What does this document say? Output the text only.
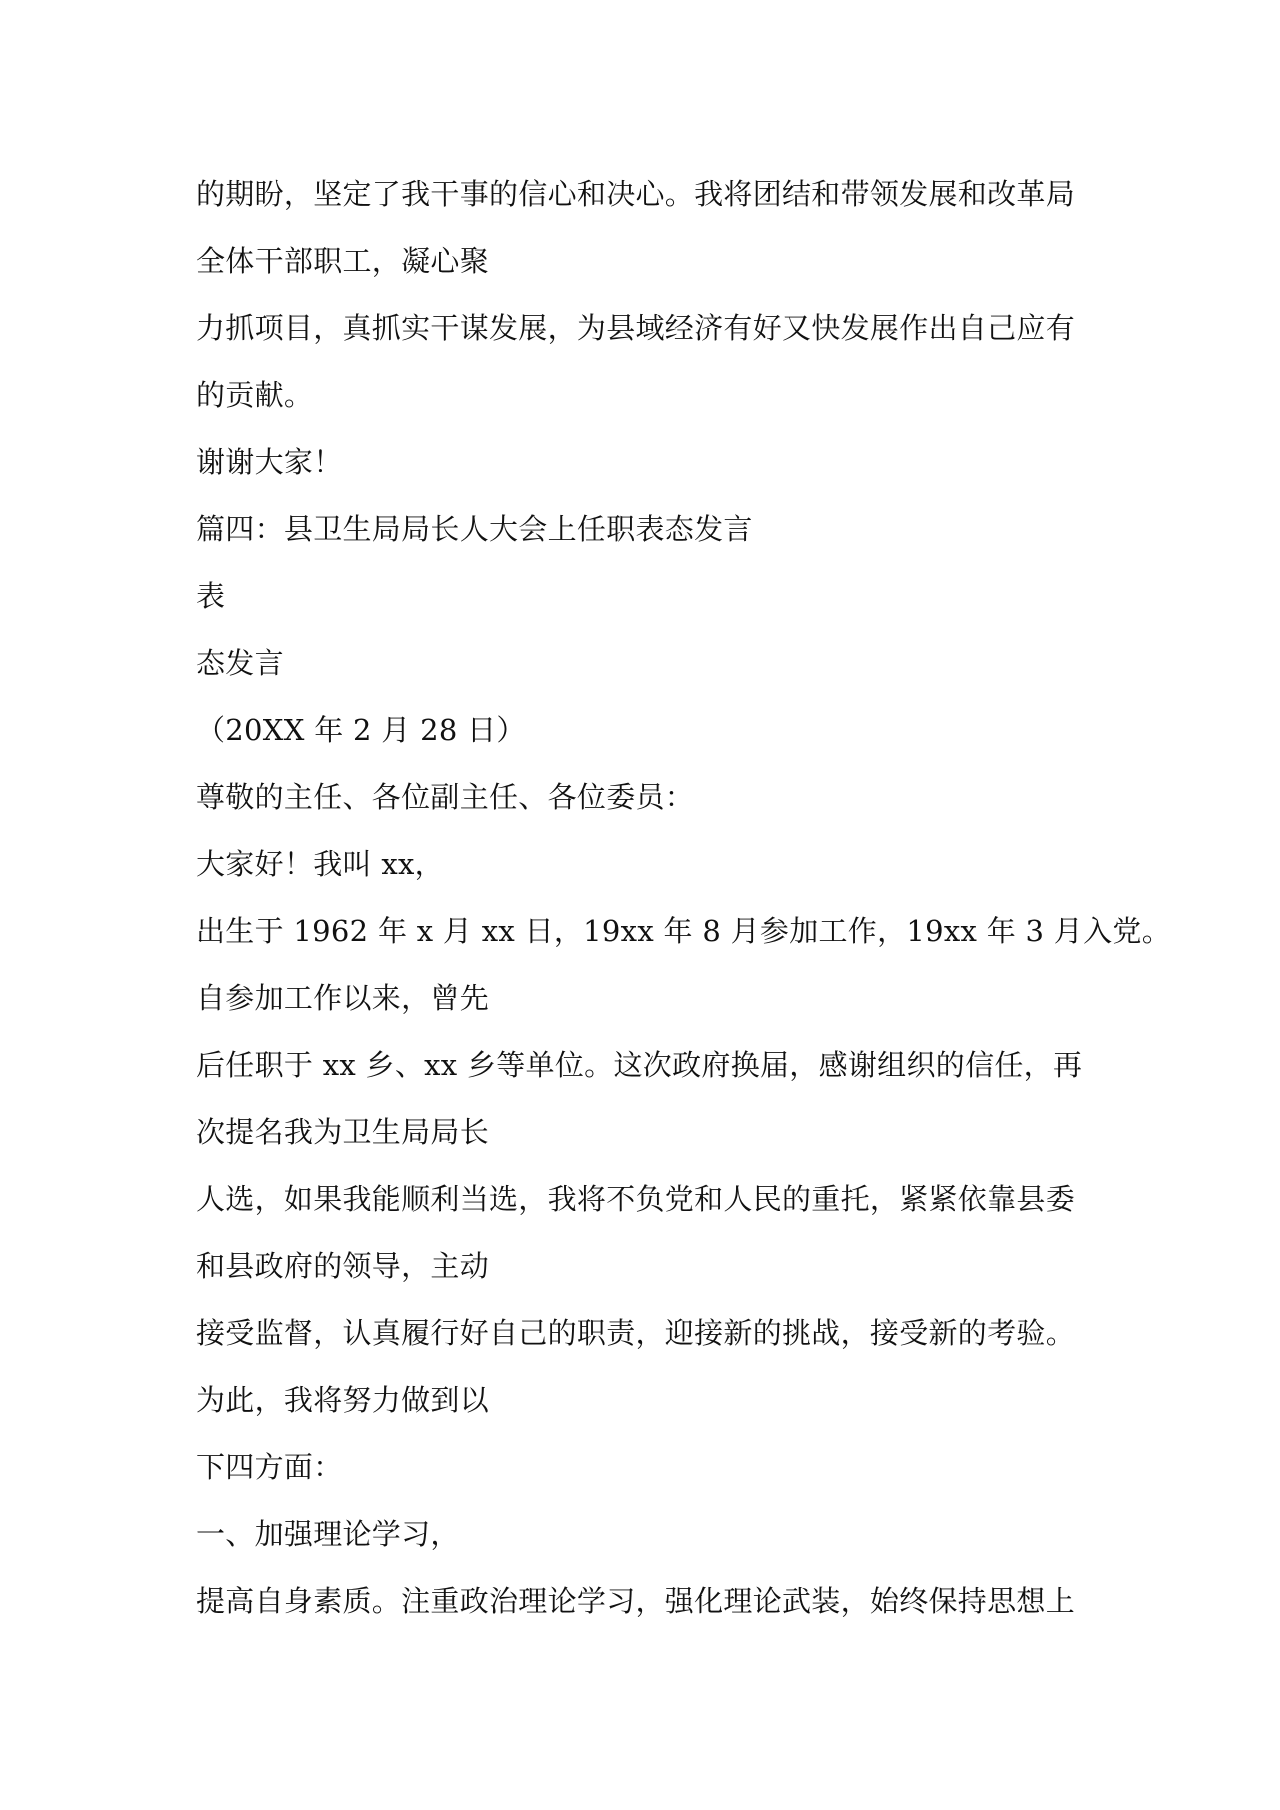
的期盼，坚定了我干事的信心和决心。我将团结和带领发展和改革局
全体干部职工，凝心聚
力抓项目，真抓实干谋发展，为县域经济有好又快发展作出自己应有
的贡献。
谢谢大家！
篇四：县卫生局局长人大会上任职表态发言
表
态发言
（20XX 年 2 月 28 日）
尊敬的主任、各位副主任、各位委员：
大家好！我叫 xx，
出生于 1962 年 x 月 xx 日，19xx 年 8 月参加工作，19xx 年 3 月入党。
自参加工作以来，曾先
后任职于 xx 乡、xx 乡等单位。这次政府换届，感谢组织的信任，再
次提名我为卫生局局长
人选，如果我能顺利当选，我将不负党和人民的重托，紧紧依靠县委
和县政府的领导，主动
接受监督，认真履行好自己的职责，迎接新的挑战，接受新的考验。
为此，我将努力做到以
下四方面：
一、加强理论学习，
提高自身素质。注重政治理论学习，强化理论武装，始终保持思想上
